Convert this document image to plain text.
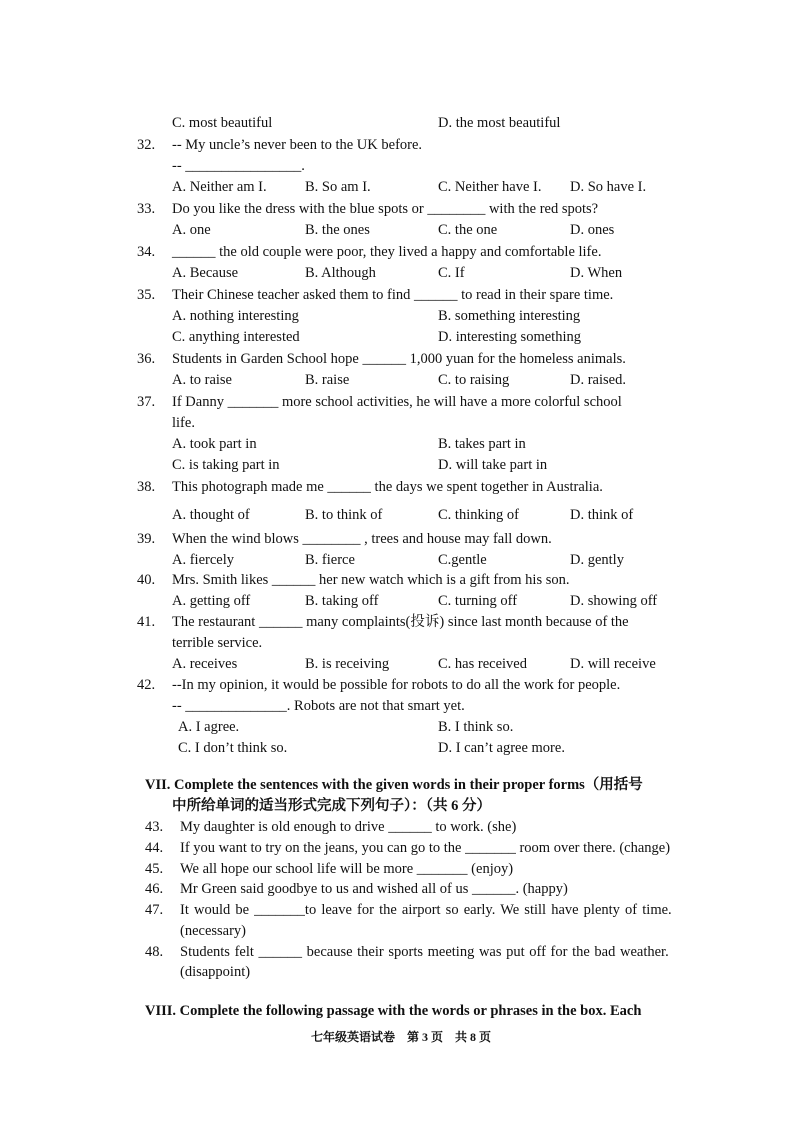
C. most beautiful	D. the most beautiful
32. -- My uncle’s never been to the UK before.
-- ________________.
A. Neither am I.	B. So am I.	C. Neither have I. D. So have I.
33. Do you like the dress with the blue spots or ________ with the red spots?
A. one	B. the ones	C. the one	D. ones
34. ______ the old couple were poor, they lived a happy and comfortable life.
A. Because	B. Although	C. If	D. When
35. Their Chinese teacher asked them to find ______ to read in their spare time.
A. nothing interesting	B. something interesting
C. anything interested	D. interesting something
36. Students in Garden School hope ______ 1,000 yuan for the homeless animals.
A. to raise	B. raise	C. to raising	D. raised.
37. If Danny _______ more school activities, he will have a more colorful school
life.
A. took part in	B. takes part in
C. is taking part in	D. will take part in
38. This photograph made me ______ the days we spent together in Australia.
A. thought of	B. to think of	C. thinking of	D. think of
39. When the wind blows ________ , trees and house may fall down.
A. fiercely	B. fierce	C.gentle	D. gently
40. Mrs. Smith likes ______ her new watch which is a gift from his son.
A. getting off	B. taking off	C. turning off	D. showing off
41. The restaurant ______ many complaints(投诉) since last month because of the
terrible service.
A. receives	B. is receiving	C. has received	D. will receive
42. --In my opinion, it would be possible for robots to do all the work for people.
-- ______________. Robots are not that smart yet.
A. I agree.	B. I think so.
C. I don’t think so.	D. I can’t agree more.
VII. Complete the sentences with the given words in their proper forms（用括号
中所给单词的适当形式完成下列句子）：（共 6 分）
43. My daughter is old enough to drive ______ to work. (she)
44. If you want to try on the jeans, you can go to the _______ room over there. (change)
45. We all hope our school life will be more _______ (enjoy)
46. Mr Green said goodbye to us and wished all of us ______. (happy)
47. It would be _______to leave for the airport so early. We still have plenty of time.
(necessary)
48. Students felt ______ because their sports meeting was put off for the bad weather.
(disappoint)
VIII. Complete the following passage with the words or phrases in the box. Each
七年级英语试卷　第 3 页　共 8 页
